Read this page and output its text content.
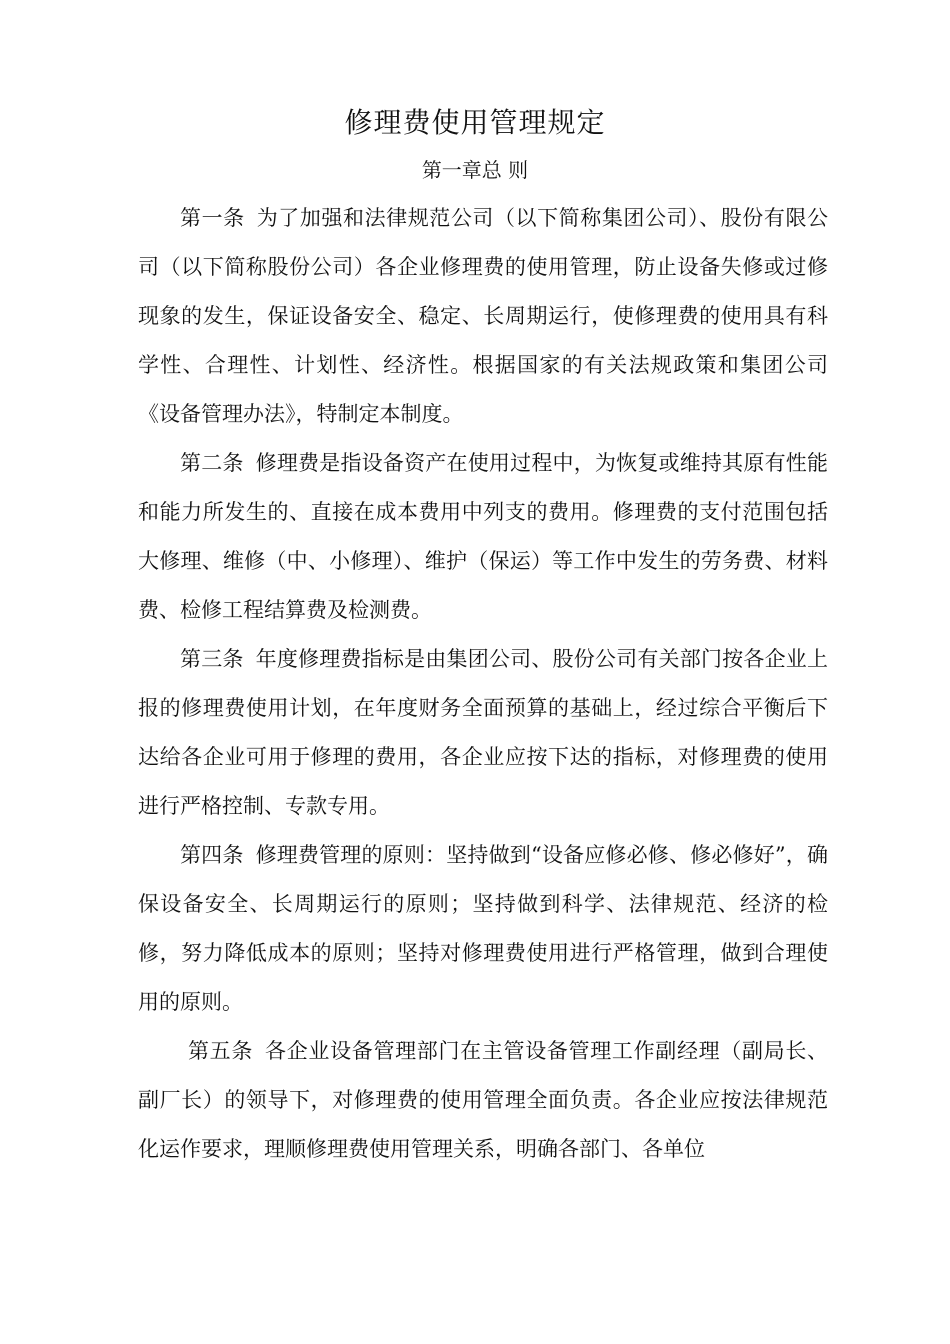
修理费使用管理规定
第一章总 则

第一条 为了加强和法律规范公司（以下简称集团公司）、股份有限公司（以下简称股份公司）各企业修理费的使用管理，防止设备失修或过修现象的发生，保证设备安全、稳定、长周期运行，使修理费的使用具有科学性、合理性、计划性、经济性。根据国家的有关法规政策和集团公司《设备管理办法》，特制定本制度。

第二条 修理费是指设备资产在使用过程中，为恢复或维持其原有性能和能力所发生的、直接在成本费用中列支的费用。修理费的支付范围包括大修理、维修（中、小修理）、维护（保运）等工作中发生的劳务费、材料费、检修工程结算费及检测费。

第三条 年度修理费指标是由集团公司、股份公司有关部门按各企业上报的修理费使用计划，在年度财务全面预算的基础上，经过综合平衡后下达给各企业可用于修理的费用，各企业应按下达的指标，对修理费的使用进行严格控制、专款专用。

第四条 修理费管理的原则：坚持做到“设备应修必修、修必修好”，确保设备安全、长周期运行的原则；坚持做到科学、法律规范、经济的检修，努力降低成本的原则；坚持对修理费使用进行严格管理，做到合理使用的原则。

第五条 各企业设备管理部门在主管设备管理工作副经理（副局长、副厂长）的领导下，对修理费的使用管理全面负责。各企业应按法律规范化运作要求，理顺修理费使用管理关系，明确各部门、各单位
